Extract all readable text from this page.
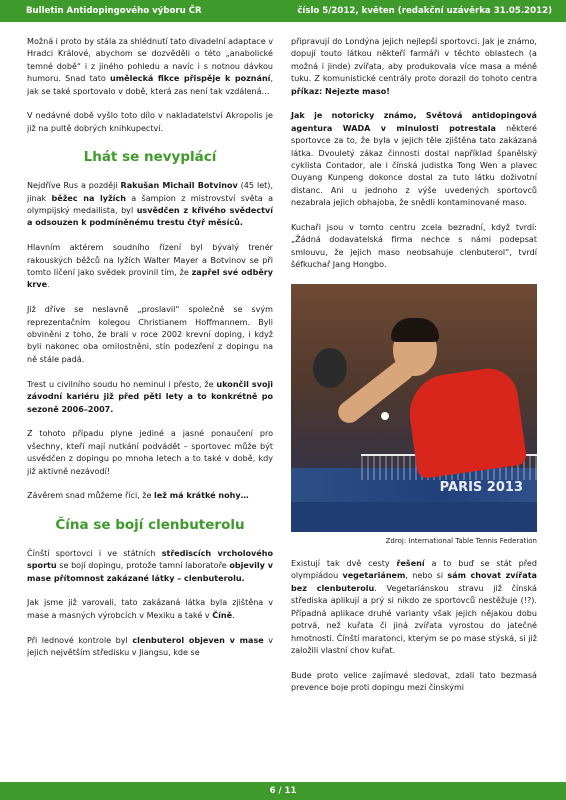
Bulletin Antidopingového výboru ČR	číslo 5/2012, květen (redakční uzávěrka 31.05.2012)

Možná i proto by stála za shlédnutí tato divadelní adaptace v Hradci Králové, abychom se dozvěděli o této „anabolické temné době“ i z jiného pohledu a navíc i s notnou dávkou humoru. Snad tato umělecká fikce přispěje k poznání, jak se také sportovalo v době, která zas není tak vzdálená…

V nedávné době vyšlo toto dílo v nakladatelství Akropolis je již na pultě dobrých knihkupectví.

Lhát se nevyplácí

Nejdříve Rus a později Rakušan Michail Botvinov (45 let), jinak běžec na lyžích a šampion z mistrovství světa a olympijský medailista, byl usvědčen z křivého svědectví a odsouzen k podmíněnému trestu čtyř měsíců.

Hlavním aktérem soudního řízení byl bývalý trenér rakouských běžců na lyžích Walter Mayer a Botvinov se při tomto líčení jako svědek provinil tím, že zapřel své odběry krve.

Již dříve se neslavně „proslavil“ společně se svým reprezentačním kolegou Christianem Hoffmannem. Byli obviněni z toho, že brali v roce 2002 krevní doping, i když byli nakonec oba omilostněni, stín podezření z dopingu na ně stále padá.

Trest u civilního soudu ho neminul i přesto, že ukončil svoji závodní kariéru již před pěti lety a to konkrétně po sezoně 2006–2007.

Z tohoto případu plyne jediné a jasné ponaučení pro všechny, kteří mají nutkání podvádět – sportovec může být usvědčen z dopingu po mnoha letech a to také v době, kdy již aktivně nezávodí!

Závěrem snad můžeme říci, že lež má krátké nohy…

Čína se bojí clenbuterolu

Čínští sportovci i ve státních střediscích vrcholového sportu se bojí dopingu, protože tamní laboratoře objevily v mase přítomnost zakázané látky – clenbuterolu.

Jak jsme již varovali, tato zakázaná látka byla zjištěna v mase a masných výrobcích v Mexiku a také v Číně.

Při lednové kontrole byl clenbuterol objeven v mase v jejich největším středisku v Jiangsu, kde se

připravují do Londýna jejich nejlepší sportovci. Jak je známo, dopují touto látkou někteří farmáři v těchto oblastech (a možná i jinde) zvířata, aby produkovala více masa a méně tuku. Z komunistické centrály proto dorazil do tohoto centra příkaz: Nejezte maso!

Jak je notoricky známo, Světová antidopingová agentura WADA v minulosti potrestala některé sportovce za to, že byla v jejich těle zjištěna tato zakázaná látka. Dvouletý zákaz činnosti dostal například španělský cyklista Contador, ale i čínská judistka Tong Wen a plavec Ouyang Kunpeng dokonce dostal za tuto látku doživotní distanc. Ani u jednoho z výše uvedených sportovců nezabrala jejich obhajoba, že snědli kontaminované maso.

Kuchaři jsou v tomto centru zcela bezradní, když tvrdí: „Žádná dodavatelská firma nechce s námi podepsat smlouvu, že jejich maso neobsahuje clenbuterol“, tvrdí šéfkuchař Jang Hongbo.

PARIS 2013
Zdroj: International Table Tennis Federation

Existují tak dvě cesty řešení a to buď se stát před olympiádou vegetariánem, nebo si sám chovat zvířata bez clenbuterolu. Vegetariánskou stravu již čínská střediska aplikují a prý si nikdo ze sportovců nestěžuje (!?). Případná aplikace druhé varianty však jejich nějakou dobu potrvá, než kuřata či jiná zvířata vyrostou do jatečné hmotnosti. Čínští maratonci, kterým se po mase stýská, si již založili vlastní chov kuřat.

Bude proto velice zajímavé sledovat, zdali tato bezmasá prevence boje proti dopingu mezi čínskými

6 / 11
